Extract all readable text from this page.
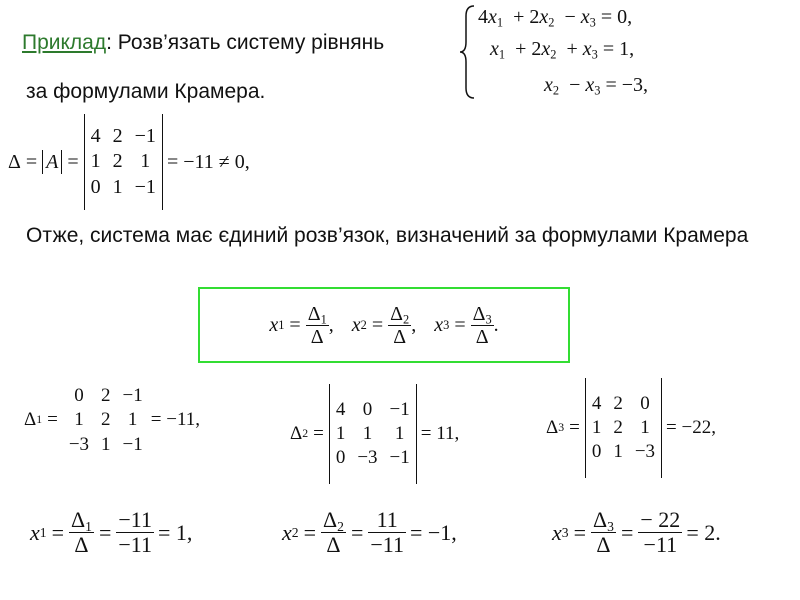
Приклад: Розв’язать систему рівнянь
за формулами Крамера.
$4x_1 + 2x_2 - x_3 = 0$,
$x_1 + 2x_2 + x_3 = 1$,
$x_2 - x_3 = -3$,
Δ = A =
4	2	−1
1	2	1
0	1	−1
= −11 ≠ 0,
Отже, система має єдиний розв’язок, визначений за формулами Крамера
x $1 = \frac{\Delta_1}{\Delta}$ , x $2 = \frac{\Delta_2}{\Delta}$ , x $3 = \frac{\Delta_3}{\Delta}$ .
Δ 1 =
0	2	−1
1	2	1
−3	1	−1
= −11,
Δ 2 =
4	0	−1
1	1	1
0	−3	−1
= 11,	Δ 3 =
4	2	0
1	2	1
0	1	−3
= −22,
x $1 = \frac{\Delta_1}{\Delta} = \frac{-11}{-11} = 1$,	x $2 = \frac{\Delta_2}{\Delta} = \frac{11}{-11} = -1$,	x $3 = \frac{\Delta_3}{\Delta} = \frac{- 22}{-11} = 2$.
